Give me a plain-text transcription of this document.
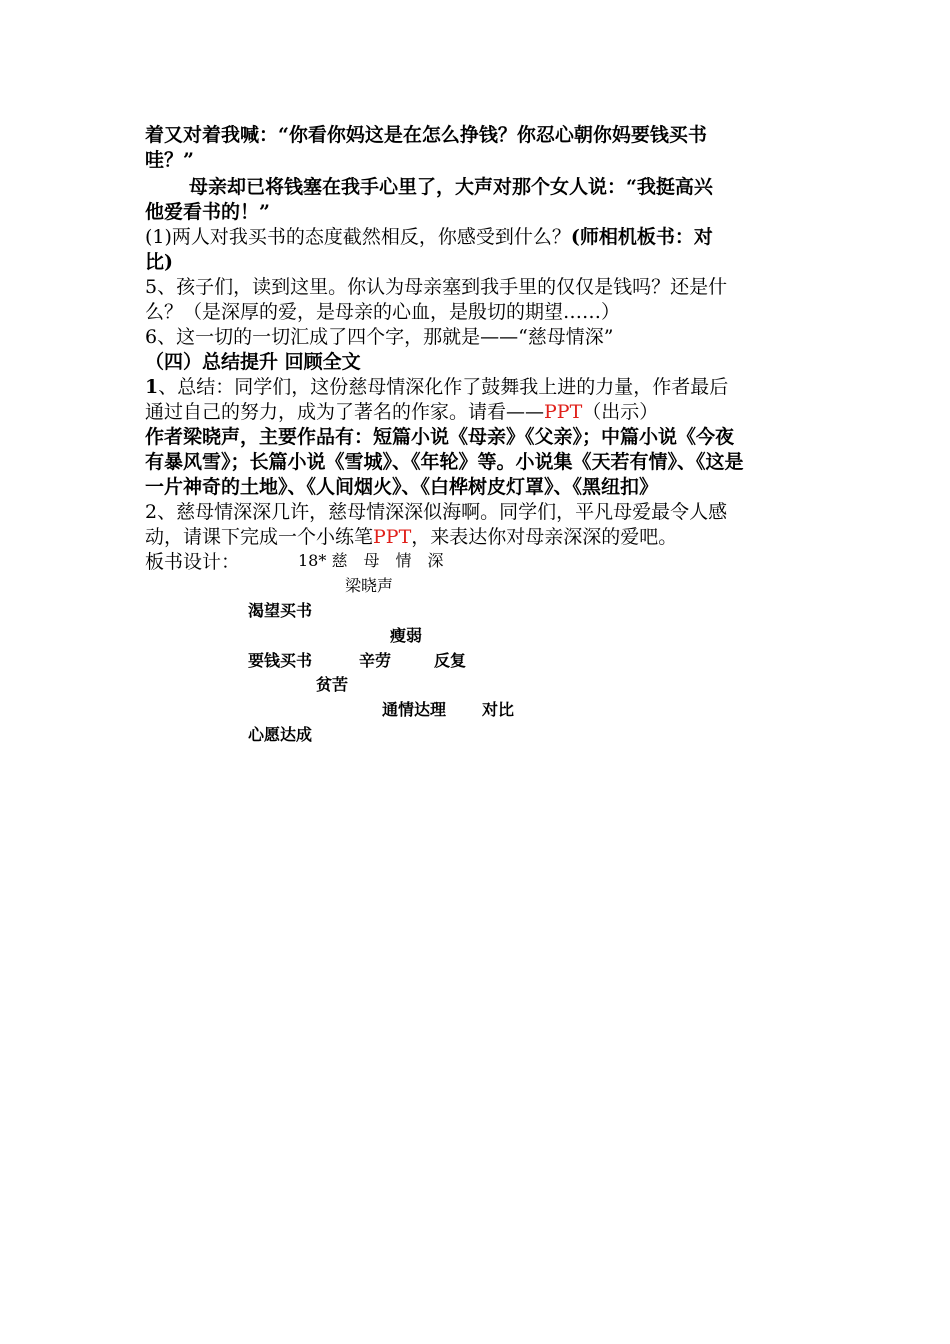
着又对着我喊：“你看你妈这是在怎么挣钱？你忍心朝你妈要钱买书
哇？”
母亲却已将钱塞在我手心里了，大声对那个女人说：“我挺高兴
他爱看书的！”
(1)两人对我买书的态度截然相反，你感受到什么？(师相机板书：对
比)
5、孩子们，读到这里。你认为母亲塞到我手里的仅仅是钱吗？还是什
么？（是深厚的爱，是母亲的心血，是殷切的期望……）
6、这一切的一切汇成了四个字，那就是——“慈母情深”
（四）总结提升 回顾全文
1、总结：同学们，这份慈母情深化作了鼓舞我上进的力量，作者最后
通过自己的努力，成为了著名的作家。请看——PPT（出示）
作者梁晓声，主要作品有：短篇小说《母亲》《父亲》；中篇小说《今夜
有暴风雪》；长篇小说《雪城》、《年轮》等。小说集《天若有情》、《这是
一片神奇的土地》、《人间烟火》、《白桦树皮灯罩》、《黑纽扣》
2、慈母情深深几许，慈母情深深似海啊。同学们，平凡母爱最令人感
动，请课下完成一个小练笔PPT，来表达你对母亲深深的爱吧。
板书设计：	18* 慈　母　情　深
梁晓声
渴望买书
瘦弱
要钱买书	辛劳	反复
贫苦
通情达理 对比
心愿达成
